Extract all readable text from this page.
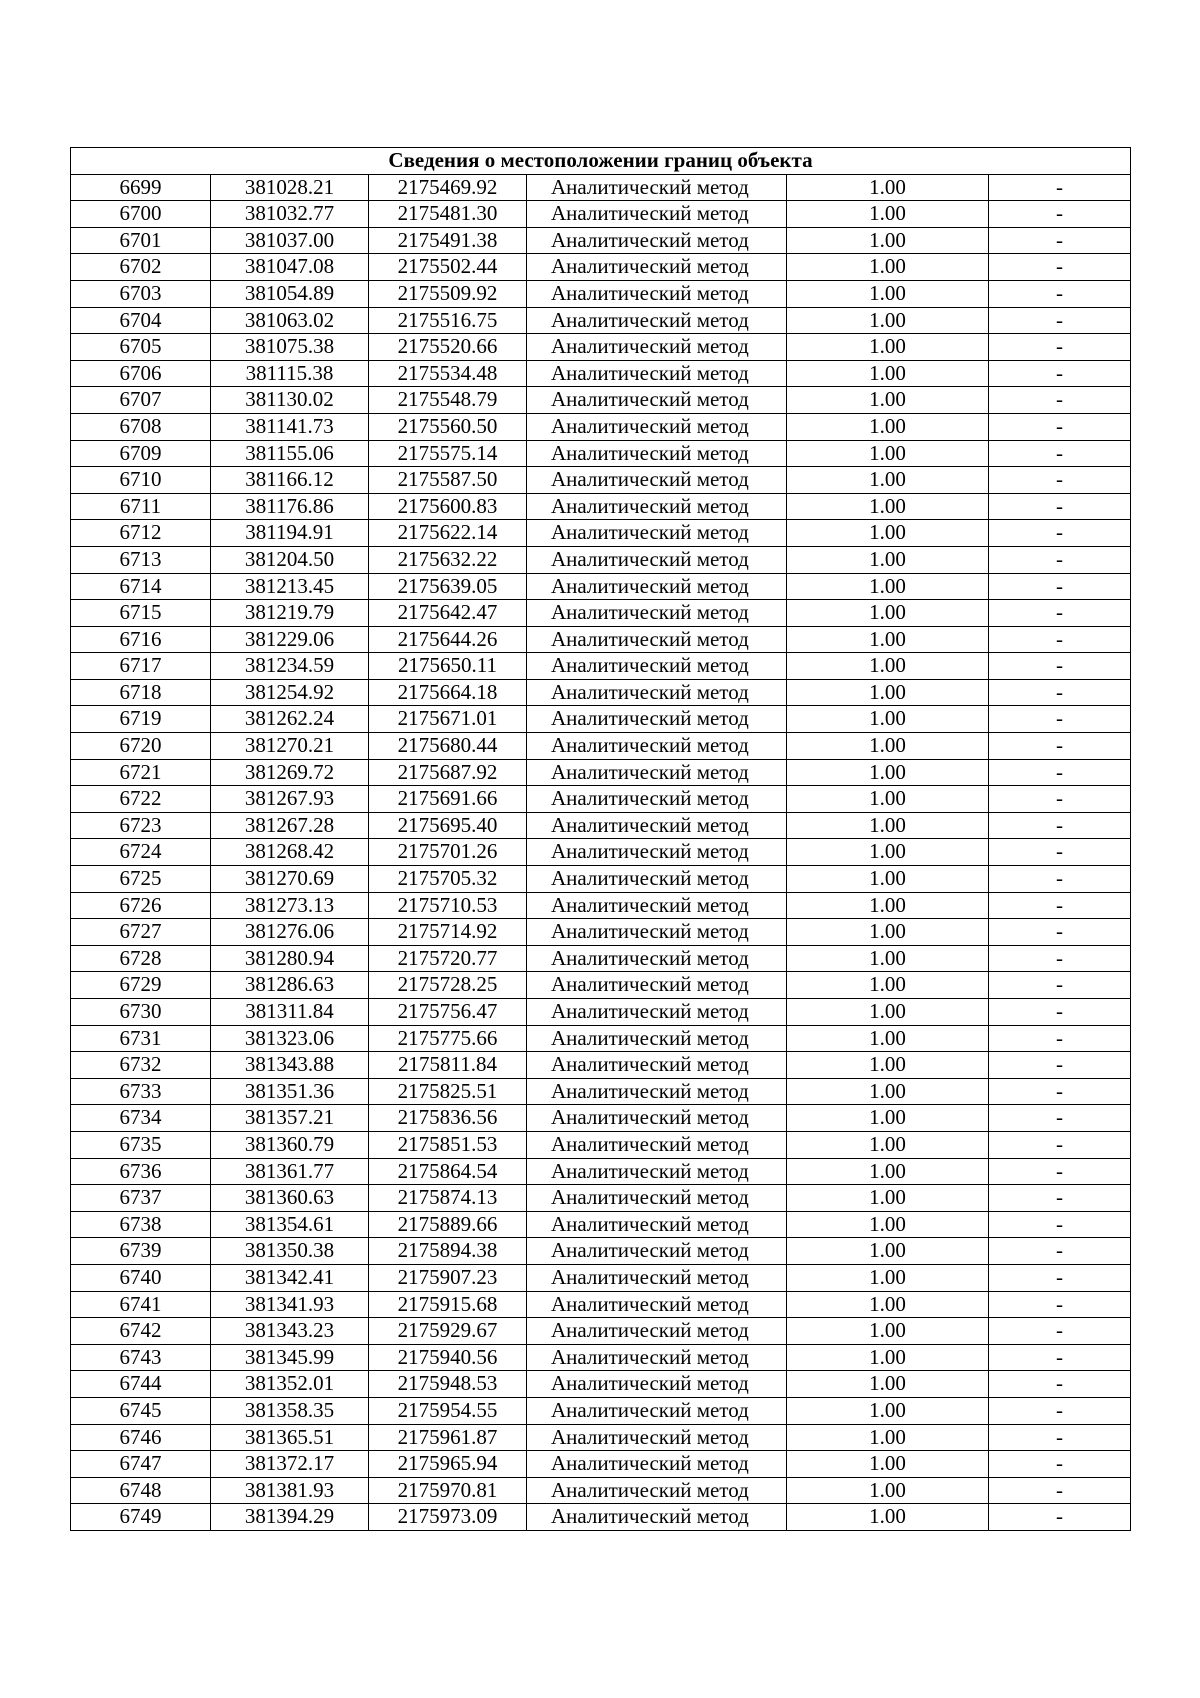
Сведения о местоположении границ объекта					
6699	381028.21	2175469.92	Аналитический метод	1.00	-
6700	381032.77	2175481.30	Аналитический метод	1.00	-
6701	381037.00	2175491.38	Аналитический метод	1.00	-
6702	381047.08	2175502.44	Аналитический метод	1.00	-
6703	381054.89	2175509.92	Аналитический метод	1.00	-
6704	381063.02	2175516.75	Аналитический метод	1.00	-
6705	381075.38	2175520.66	Аналитический метод	1.00	-
6706	381115.38	2175534.48	Аналитический метод	1.00	-
6707	381130.02	2175548.79	Аналитический метод	1.00	-
6708	381141.73	2175560.50	Аналитический метод	1.00	-
6709	381155.06	2175575.14	Аналитический метод	1.00	-
6710	381166.12	2175587.50	Аналитический метод	1.00	-
6711	381176.86	2175600.83	Аналитический метод	1.00	-
6712	381194.91	2175622.14	Аналитический метод	1.00	-
6713	381204.50	2175632.22	Аналитический метод	1.00	-
6714	381213.45	2175639.05	Аналитический метод	1.00	-
6715	381219.79	2175642.47	Аналитический метод	1.00	-
6716	381229.06	2175644.26	Аналитический метод	1.00	-
6717	381234.59	2175650.11	Аналитический метод	1.00	-
6718	381254.92	2175664.18	Аналитический метод	1.00	-
6719	381262.24	2175671.01	Аналитический метод	1.00	-
6720	381270.21	2175680.44	Аналитический метод	1.00	-
6721	381269.72	2175687.92	Аналитический метод	1.00	-
6722	381267.93	2175691.66	Аналитический метод	1.00	-
6723	381267.28	2175695.40	Аналитический метод	1.00	-
6724	381268.42	2175701.26	Аналитический метод	1.00	-
6725	381270.69	2175705.32	Аналитический метод	1.00	-
6726	381273.13	2175710.53	Аналитический метод	1.00	-
6727	381276.06	2175714.92	Аналитический метод	1.00	-
6728	381280.94	2175720.77	Аналитический метод	1.00	-
6729	381286.63	2175728.25	Аналитический метод	1.00	-
6730	381311.84	2175756.47	Аналитический метод	1.00	-
6731	381323.06	2175775.66	Аналитический метод	1.00	-
6732	381343.88	2175811.84	Аналитический метод	1.00	-
6733	381351.36	2175825.51	Аналитический метод	1.00	-
6734	381357.21	2175836.56	Аналитический метод	1.00	-
6735	381360.79	2175851.53	Аналитический метод	1.00	-
6736	381361.77	2175864.54	Аналитический метод	1.00	-
6737	381360.63	2175874.13	Аналитический метод	1.00	-
6738	381354.61	2175889.66	Аналитический метод	1.00	-
6739	381350.38	2175894.38	Аналитический метод	1.00	-
6740	381342.41	2175907.23	Аналитический метод	1.00	-
6741	381341.93	2175915.68	Аналитический метод	1.00	-
6742	381343.23	2175929.67	Аналитический метод	1.00	-
6743	381345.99	2175940.56	Аналитический метод	1.00	-
6744	381352.01	2175948.53	Аналитический метод	1.00	-
6745	381358.35	2175954.55	Аналитический метод	1.00	-
6746	381365.51	2175961.87	Аналитический метод	1.00	-
6747	381372.17	2175965.94	Аналитический метод	1.00	-
6748	381381.93	2175970.81	Аналитический метод	1.00	-
6749	381394.29	2175973.09	Аналитический метод	1.00	-
